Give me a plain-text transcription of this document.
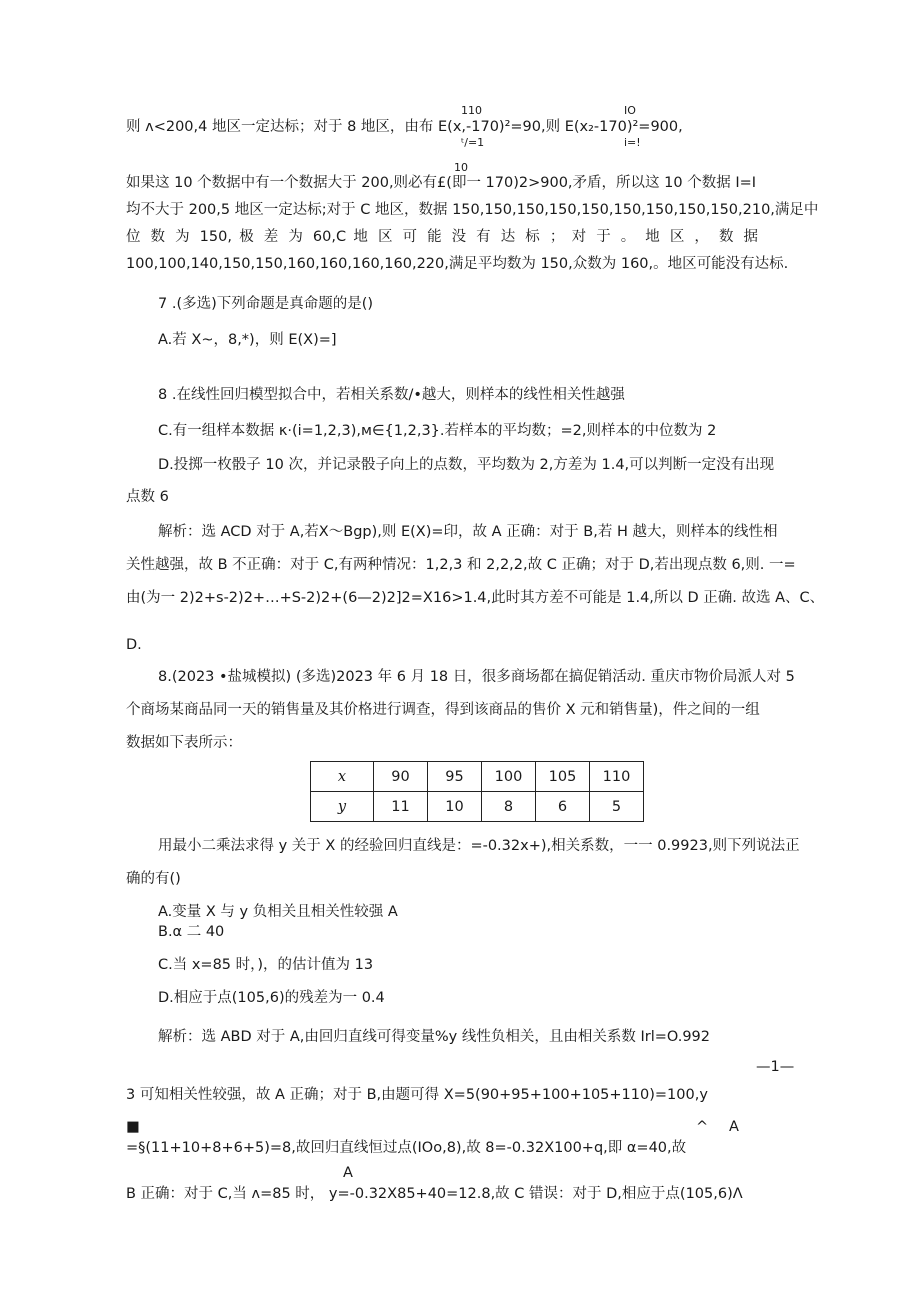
110	IO
则 ʌ<200,4 地区一定达标；对于 8 地区，由布 E(x,-170)²=90,则 E(x₂-170)²=900,
ᵗ/=1	i=!
10
如果这 10 个数据中有一个数据大于 200,则必有£(即一 170)2>900,矛盾，所以这 10 个数据 I=I
均不大于 200,5 地区一定达标;对于 C 地区，数据 150,150,150,150,150,150,150,150,150,210,满足中
位 数 为 150, 极 差 为 60,C 地 区 可 能 没 有 达 标 ； 对 于 。 地 区 ， 数 据
100,100,140,150,150,160,160,160,160,220,满足平均数为 150,众数为 160,。地区可能没有达标.
7 .(多选)下列命题是真命题的是()
A.若 X~，8,*)，则 E(X)=]
8 .在线性回归模型拟合中，若相关系数/•越大，则样本的线性相关性越强
C.有一组样本数据 κ·(i=1,2,3),м∈{1,2,3}.若样本的平均数；=2,则样本的中位数为 2
D.投掷一枚骰子 10 次，并记录骰子向上的点数，平均数为 2,方差为 1.4,可以判断一定没有出现
点数 6
解析：选 ACD 对于 A,若X～Bgp),则 E(X)=印，故 A 正确：对于 B,若 H 越大，则样本的线性相
关性越强，故 B 不正确：对于 C,有两种情况：1,2,3 和 2,2,2,故 C 正确；对于 D,若出现点数 6,则. 一=
由(为一 2)2+s-2)2+…+S-2)2+(6—2)2]2=X16>1.4,此时其方差不可能是 1.4,所以 D 正确. 故选 A、C、
D.
8.(2023 •盐城模拟) (多选)2023 年 6 月 18 日，很多商场都在搞促销活动. 重庆市物价局派人对 5
个商场某商品同一天的销售量及其价格进行调查，得到该商品的售价 X 元和销售量)，件之间的一组
数据如下表所示：
x	90	95	100	105	110
y	11	10	8	6	5
用最小二乘法求得 y 关于 X 的经验回归直线是：=-0.32x+),相关系数，一一 0.9923,则下列说法正
确的有()
A.变量 X 与 y 负相关且相关性较强 A
B.α 二 40
C.当 x=85 时，)，的估计值为 13
D.相应于点(105,6)的残差为一 0.4
解析：选 ABD 对于 A,由回归直线可得变量%y 线性负相关，且由相关系数 Irl=O.992
—1—
3 可知相关性较强，故 A 正确；对于 B,由题可得 X=5(90+95+100+105+110)=100,y
■	^ A
=§(11+10+8+6+5)=8,故回归直线恒过点(IOo,8),故 8=-0.32X100+q,即 α=40,故
A
B 正确：对于 C,当 ʌ=85 时， y=-0.32X85+40=12.8,故 C 错误：对于 D,相应于点(105,6)Λ
